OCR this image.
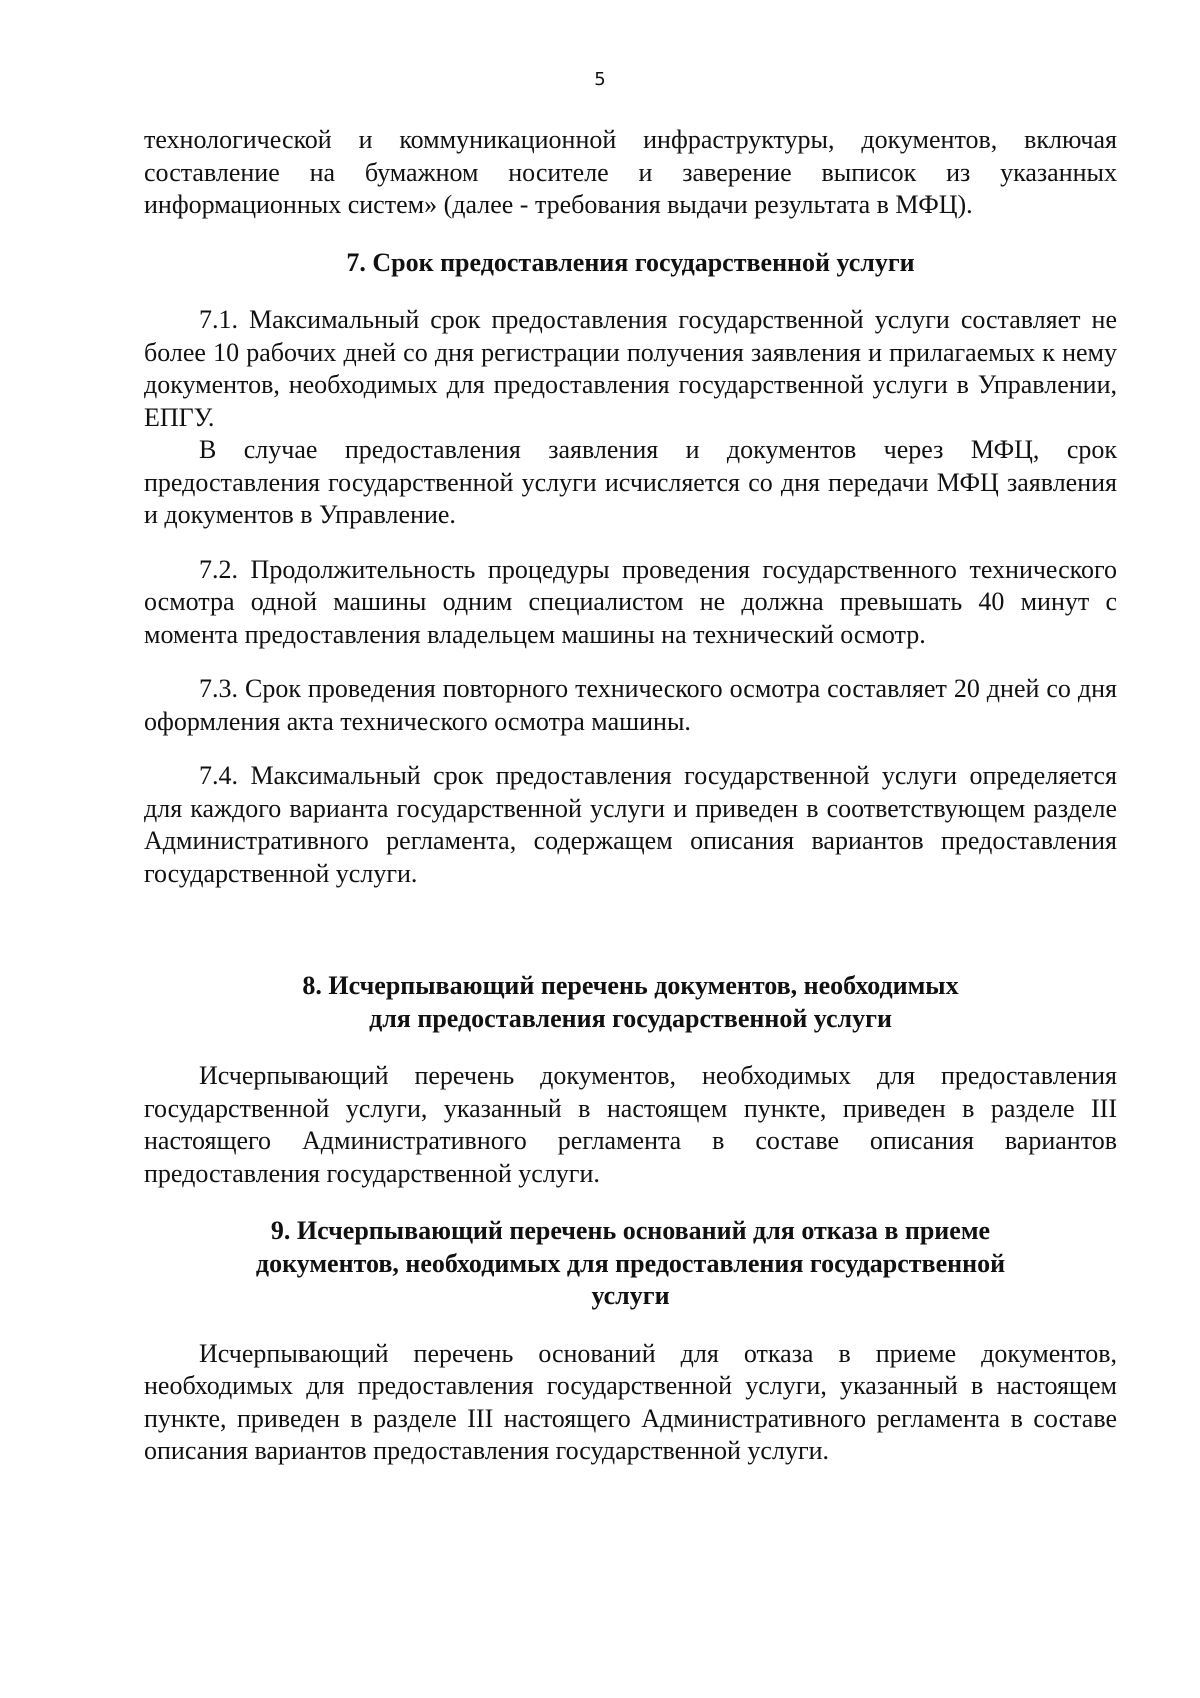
5

технологической и коммуникационной инфраструктуры, документов, включая составление на бумажном носителе и заверение выписок из указанных информационных систем» (далее - требования выдачи результата в МФЦ).

7. Срок предоставления государственной услуги

7.1. Максимальный срок предоставления государственной услуги составляет не более 10 рабочих дней со дня регистрации получения заявления и прилагаемых к нему документов, необходимых для предоставления государственной услуги в Управлении, ЕПГУ.

В случае предоставления заявления и документов через МФЦ, срок предоставления государственной услуги исчисляется со дня передачи МФЦ заявления и документов в Управление.

7.2. Продолжительность процедуры проведения государственного технического осмотра одной машины одним специалистом не должна превышать 40 минут с момента предоставления владельцем машины на технический осмотр.

7.3. Срок проведения повторного технического осмотра составляет 20 дней со дня оформления акта технического осмотра машины.

7.4. Максимальный срок предоставления государственной услуги определяется для каждого варианта государственной услуги и приведен в соответствующем разделе Административного регламента, содержащем описания вариантов предоставления государственной услуги.

8. Исчерпывающий перечень документов, необходимых
для предоставления государственной услуги

Исчерпывающий перечень документов, необходимых для предоставления государственной услуги, указанный в настоящем пункте, приведен в разделе III настоящего Административного регламента в составе описания вариантов предоставления государственной услуги.

9. Исчерпывающий перечень оснований для отказа в приеме
документов, необходимых для предоставления государственной
услуги

Исчерпывающий перечень оснований для отказа в приеме документов, необходимых для предоставления государственной услуги, указанный в настоящем пункте, приведен в разделе III настоящего Административного регламента в составе описания вариантов предоставления государственной услуги.
